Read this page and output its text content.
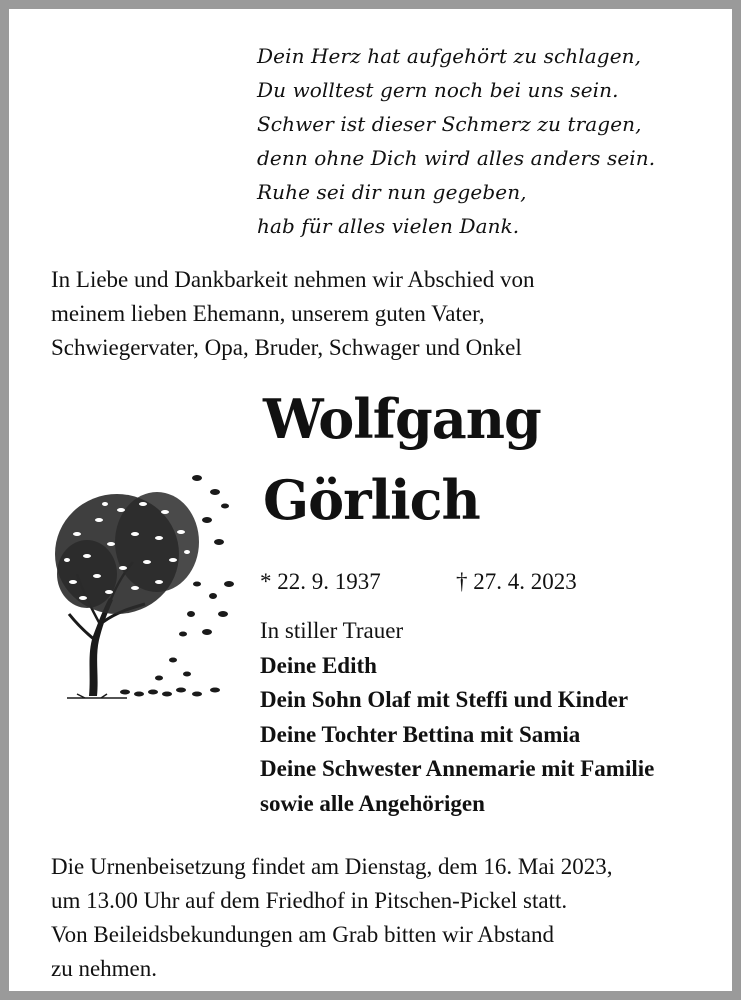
Dein Herz hat aufgehört zu schlagen,
Du wolltest gern noch bei uns sein.
Schwer ist dieser Schmerz zu tragen,
denn ohne Dich wird alles anders sein.
Ruhe sei dir nun gegeben,
hab für alles vielen Dank.
In Liebe und Dankbarkeit nehmen wir Abschied von
meinem lieben Ehemann, unserem guten Vater,
Schwiegervater, Opa, Bruder, Schwager und Onkel
Wolfgang
Görlich
* 22. 9. 1937	† 27. 4. 2023
In stiller Trauer
Deine Edith
Dein Sohn Olaf mit Steffi und Kinder
Deine Tochter Bettina mit Samia
Deine Schwester Annemarie mit Familie
sowie alle Angehörigen
Die Urnenbeisetzung findet am Dienstag, dem 16. Mai 2023,
um 13.00 Uhr auf dem Friedhof in Pitschen-Pickel statt.
Von Beileidsbekundungen am Grab bitten wir Abstand
zu nehmen.
